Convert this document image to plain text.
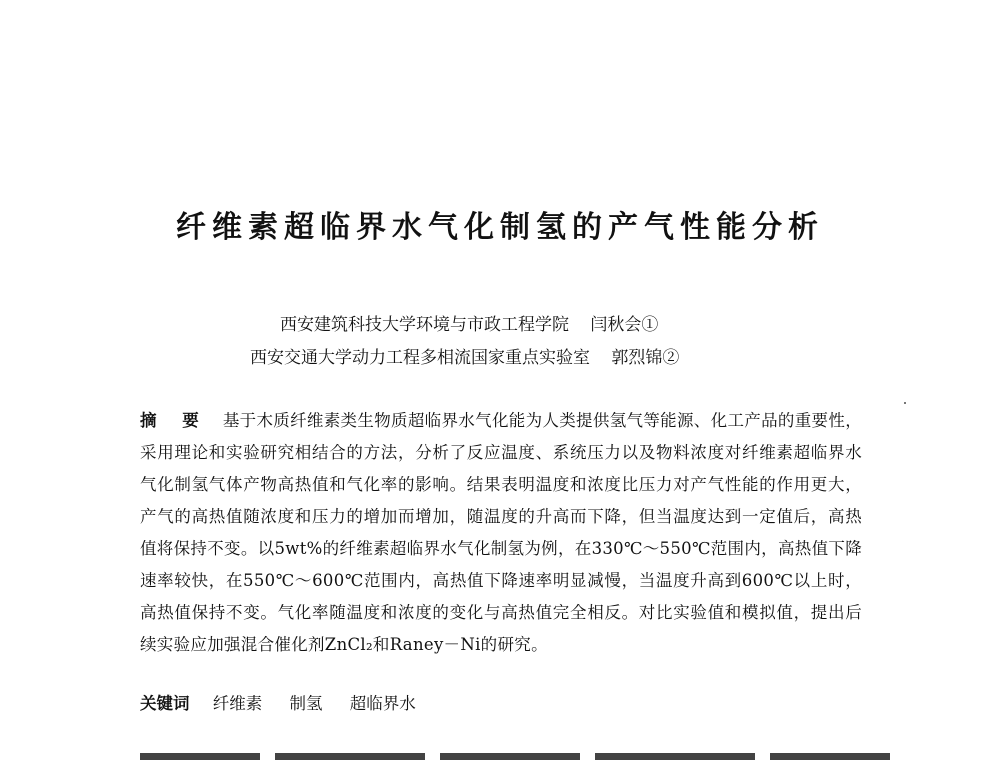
纤维素超临界水气化制氢的产气性能分析
西安建筑科技大学环境与市政工程学院 闫秋会①
西安交通大学动力工程多相流国家重点实验室 郭烈锦②
摘 要 基于木质纤维素类生物质超临界水气化能为人类提供氢气等能源、化工产品的重要性，采用理论和实验研究相结合的方法，分析了反应温度、系统压力以及物料浓度对纤维素超临界水气化制氢气体产物高热值和气化率的影响。结果表明温度和浓度比压力对产气性能的作用更大，产气的高热值随浓度和压力的增加而增加，随温度的升高而下降，但当温度达到一定值后，高热值将保持不变。以5wt%的纤维素超临界水气化制氢为例，在330℃～550℃范围内，高热值下降速率较快，在550℃～600℃范围内，高热值下降速率明显减慢，当温度升高到600℃以上时，高热值保持不变。气化率随温度和浓度的变化与高热值完全相反。对比实验值和模拟值，提出后续实验应加强混合催化剂ZnCl₂和Raney－Ni的研究。
关键词 纤维素 制氢 超临界水
